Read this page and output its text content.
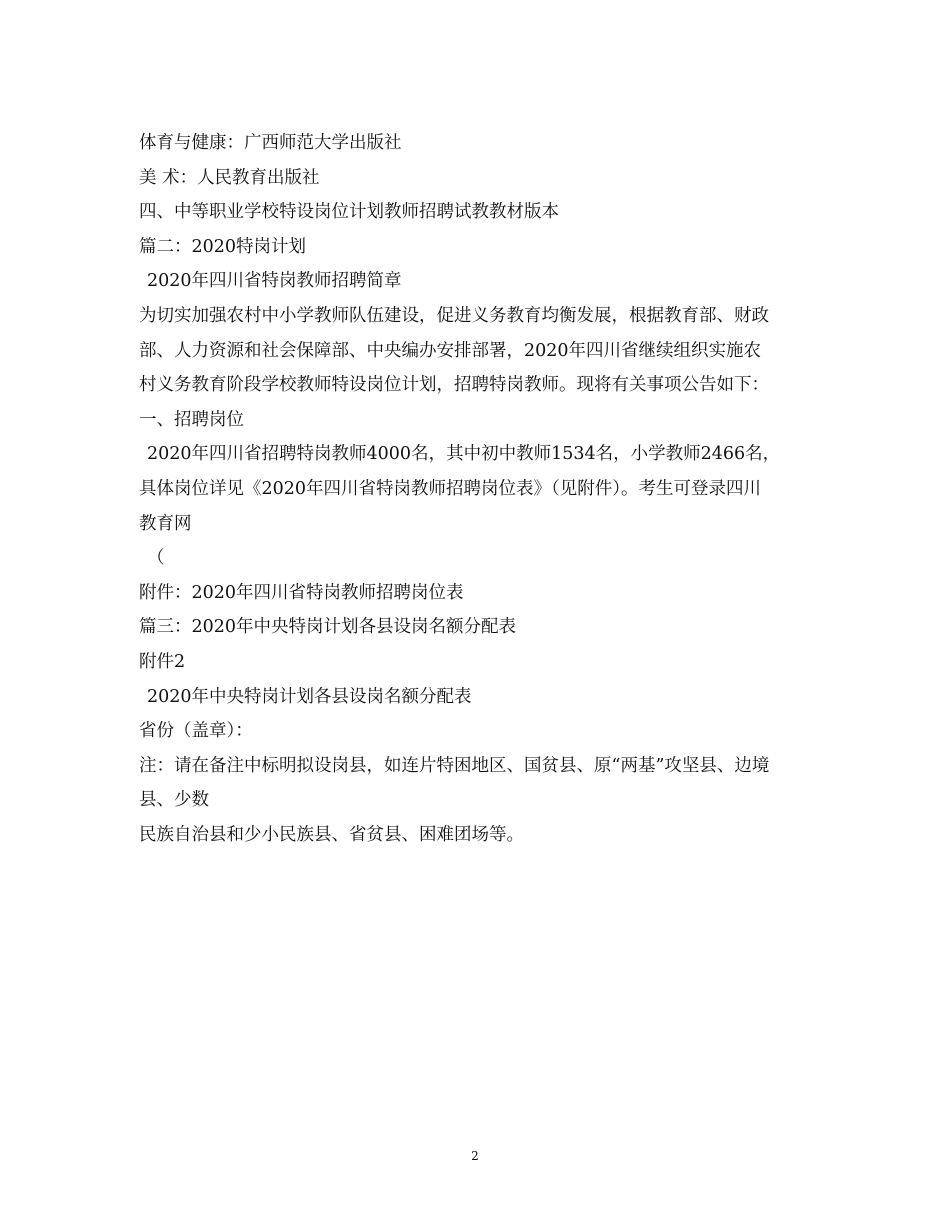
体育与健康：广西师范大学出版社
美 术：人民教育出版社
四、中等职业学校特设岗位计划教师招聘试教教材版本
篇二：2020特岗计划
2020年四川省特岗教师招聘简章
为切实加强农村中小学教师队伍建设，促进义务教育均衡发展，根据教育部、财政
部、人力资源和社会保障部、中央编办安排部署，2020年四川省继续组织实施农
村义务教育阶段学校教师特设岗位计划，招聘特岗教师。现将有关事项公告如下：
一、招聘岗位
2020年四川省招聘特岗教师4000名，其中初中教师1534名，小学教师2466名，
具体岗位详见《2020年四川省特岗教师招聘岗位表》（见附件）。考生可登录四川
教育网
（
附件：2020年四川省特岗教师招聘岗位表
篇三：2020年中央特岗计划各县设岗名额分配表
附件2
2020年中央特岗计划各县设岗名额分配表
省份（盖章）：
注：请在备注中标明拟设岗县，如连片特困地区、国贫县、原“两基”攻坚县、边境
县、少数
民族自治县和少小民族县、省贫县、困难团场等。
2
